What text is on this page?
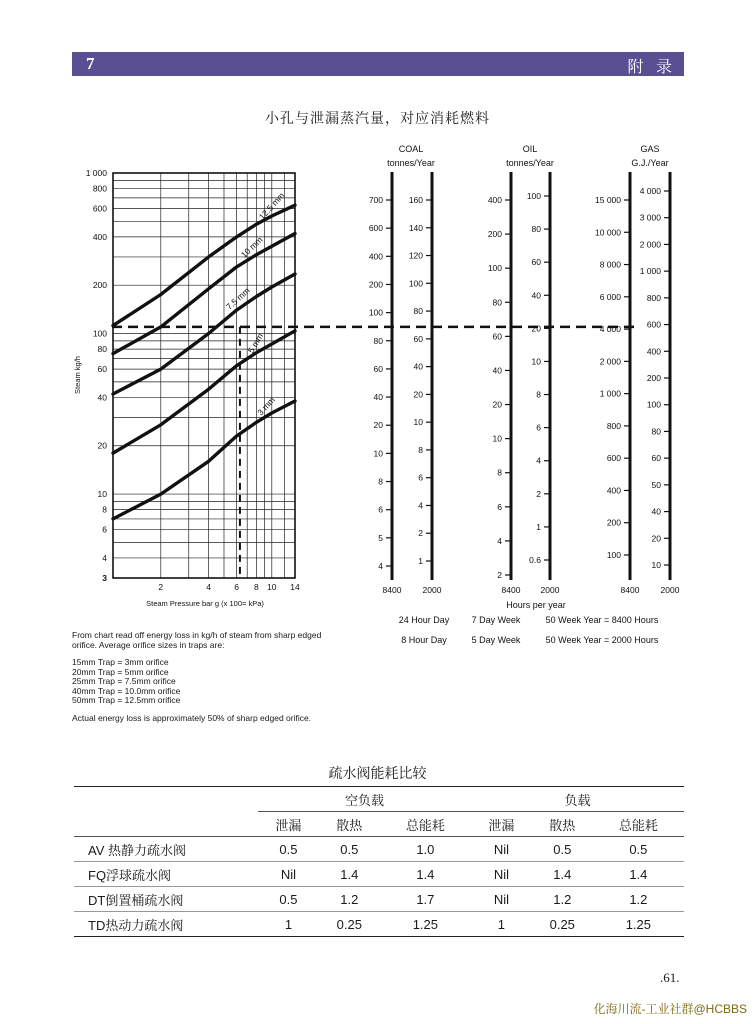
7	附 录
小孔与泄漏蒸汽量，对应消耗燃料
12.5 mm
10 mm
7.5 mm
5 mm
3 mm
1 000
800
600
400
200
100
80
60
40
20
10
8
6
4
3
2	4	6 8 10 14
Steam Pressure bar g (x 100= kPa)
Steam kg/h
700
600
400
200
100
80
60
40
20
10
8
6
5
4
160
140
120
100
80
60
40
20
10
8
6
4
2
1
400
200
100
80
60
40
20
10
8
6
4
2
100
80
60
40
20
10
8
6
4
2
1
0.6
15 000
10 000
8 000
6 000
4 000
2 000
1 000
800
600
400
200
100
4 000
3 000
2 000
1 000
800
600
400
200
100
80
60
50
40
20
10
COAL
tonnes/Year
OIL
tonnes/Year
GAS
G.J./Year
8400 2000	8400 2000	8400 2000
Hours per year
24 Hour Day 7 Day Week	50 Week Year = 8400 Hours
8 Hour Day	5 Day Week	50 Week Year = 2000 Hours

From chart read off energy loss in kg/h of steam from sharp edged

orifice. Average orifice sizes in traps are:

15mm Trap = 3mm orifice

20mm Trap = 5mm orifice

25mm Trap = 7.5mm orifice

40mm Trap = 10.0mm orifice

50mm Trap = 12.5mm orifice

Actual energy loss is approximately 50% of sharp edged orifice.

疏水阀能耗比较
	空负载			负载		
	泄漏	散热	总能耗	泄漏	散热	总能耗
AV 热静力疏水阀	0.5	0.5	1.0	Nil	0.5	0.5
FQ浮球疏水阀	Nil	1.4	1.4	Nil	1.4	1.4
DT倒置桶疏水阀	0.5	1.2	1.7	Nil	1.2	1.2
TD热动力疏水阀	1	0.25	1.25	1	0.25	1.25
.61.
化海川流-工业社群@HCBBS
